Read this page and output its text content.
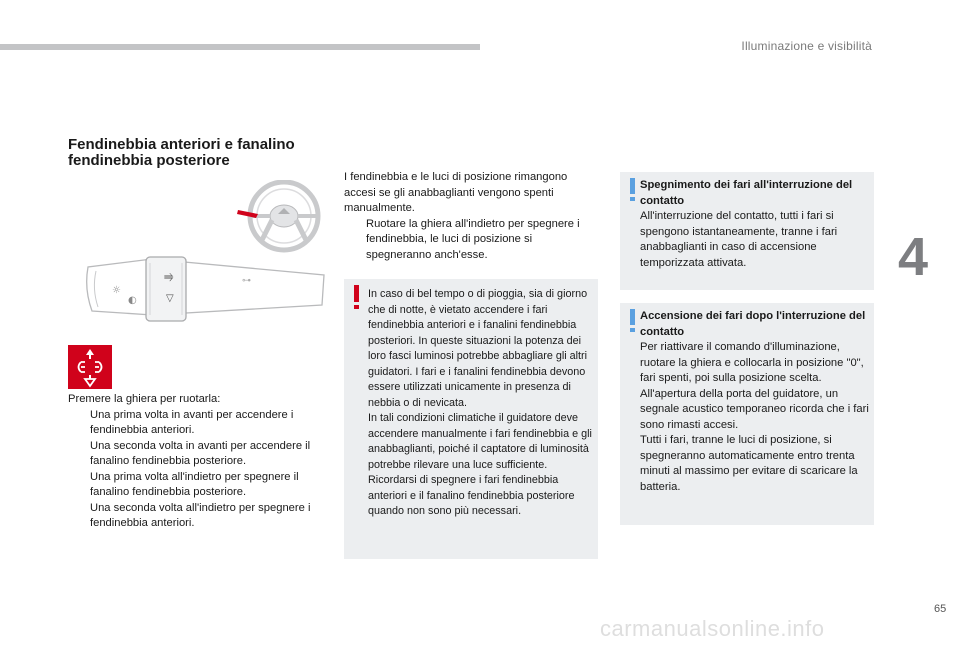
Illuminazione e visibilità
4
Fendinebbia anteriori e fanalino fendinebbia posteriore
⥤
▽
☼
◐
⊶
Premere la ghiera per ruotarla:
Una prima volta in avanti per accendere i fendinebbia anteriori.
Una seconda volta in avanti per accendere il fanalino fendinebbia posteriore.
Una prima volta all'indietro per spegnere il fanalino fendinebbia posteriore.
Una seconda volta all'indietro per spegnere i fendinebbia anteriori.
I fendinebbia e le luci di posizione rimangono accesi se gli anabbaglianti vengono spenti manualmente.
Ruotare la ghiera all'indietro per spegnere i fendinebbia, le luci di posizione si spegneranno anch'esse.
In caso di bel tempo o di pioggia, sia di giorno che di notte, è vietato accendere i fari fendinebbia anteriori e i fanalini fendinebbia posteriori. In queste situazioni la potenza dei loro fasci luminosi potrebbe abbagliare gli altri guidatori. I fari e i fanalini fendinebbia devono essere utilizzati unicamente in presenza di nebbia o di nevicata.
In tali condizioni climatiche il guidatore deve accendere manualmente i fari fendinebbia e gli anabbaglianti, poiché il captatore di luminosità potrebbe rilevare una luce sufficiente.
Ricordarsi di spegnere i fari fendinebbia anteriori e il fanalino fendinebbia posteriore quando non sono più necessari.
Spegnimento dei fari all'interruzione del contatto
All'interruzione del contatto, tutti i fari si spengono istantaneamente, tranne i fari anabbaglianti in caso di accensione temporizzata attivata.
Accensione dei fari dopo l'interruzione del contatto
Per riattivare il comando d'illuminazione, ruotare la ghiera e collocarla in posizione "0", fari spenti, poi sulla posizione scelta.
All'apertura della porta del guidatore, un segnale acustico temporaneo ricorda che i fari sono rimasti accesi.
Tutti i fari, tranne le luci di posizione, si spegneranno automaticamente entro trenta minuti al massimo per evitare di scaricare la batteria.
65
carmanualsonline.info
